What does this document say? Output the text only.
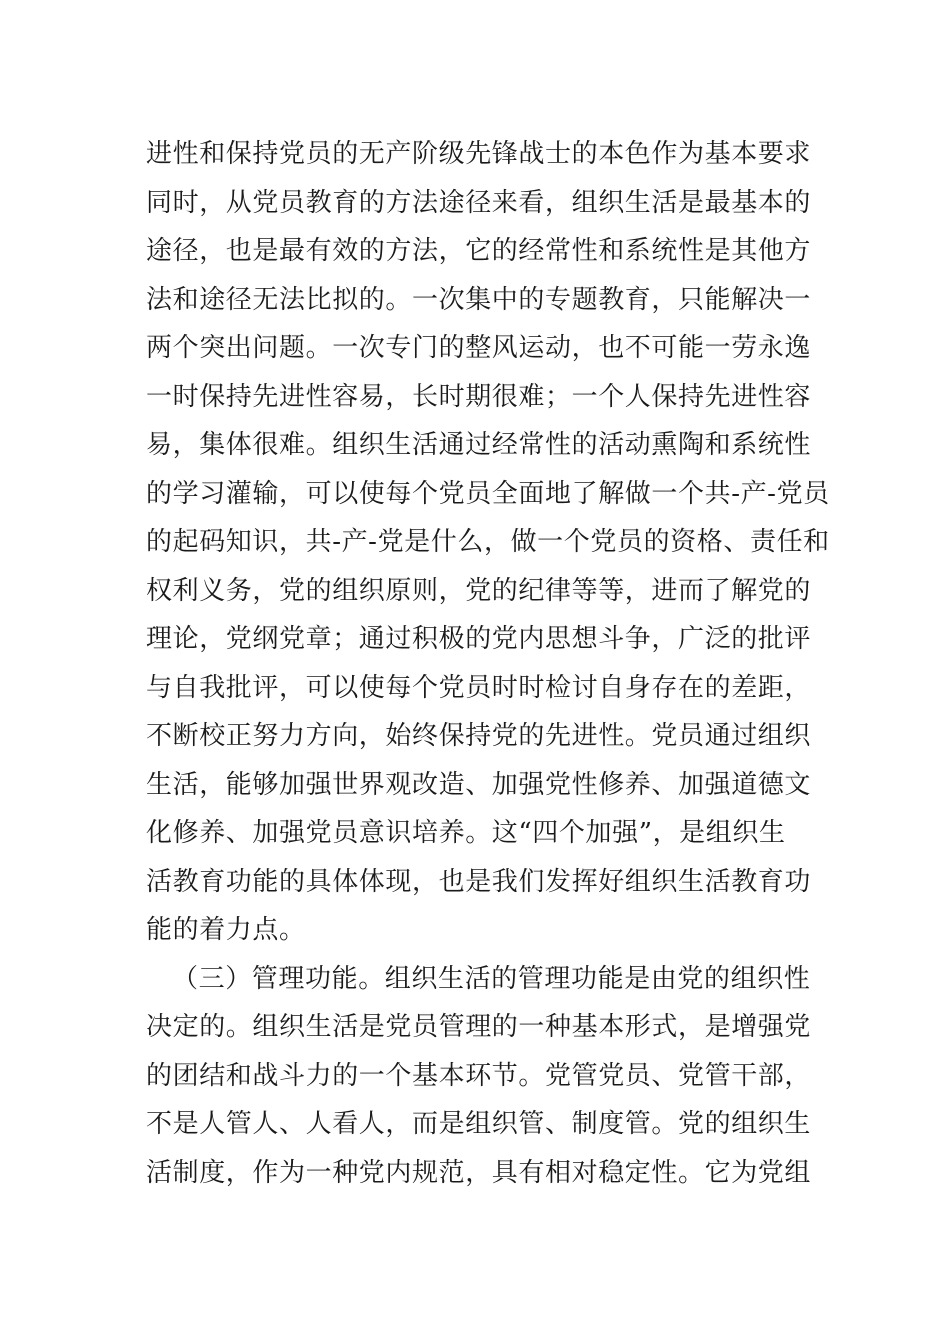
进性和保持党员的无产阶级先锋战士的本色作为基本要求
同时，从党员教育的方法途径来看，组织生活是最基本的
途径，也是最有效的方法，它的经常性和系统性是其他方
法和途径无法比拟的。一次集中的专题教育，只能解决一
两个突出问题。一次专门的整风运动，也不可能一劳永逸
一时保持先进性容易，长时期很难；一个人保持先进性容
易，集体很难。组织生活通过经常性的活动熏陶和系统性
的学习灌输，可以使每个党员全面地了解做一个共-产-党员
的起码知识，共-产-党是什么，做一个党员的资格、责任和
权利义务，党的组织原则，党的纪律等等，进而了解党的
理论，党纲党章；通过积极的党内思想斗争，广泛的批评
与自我批评，可以使每个党员时时检讨自身存在的差距，
不断校正努力方向，始终保持党的先进性。党员通过组织
生活，能够加强世界观改造、加强党性修养、加强道德文
化修养、加强党员意识培养。这“四个加强”，是组织生
活教育功能的具体体现，也是我们发挥好组织生活教育功
能的着力点。
（三）管理功能。组织生活的管理功能是由党的组织性
决定的。组织生活是党员管理的一种基本形式，是增强党
的团结和战斗力的一个基本环节。党管党员、党管干部，
不是人管人、人看人，而是组织管、制度管。党的组织生
活制度，作为一种党内规范，具有相对稳定性。它为党组
